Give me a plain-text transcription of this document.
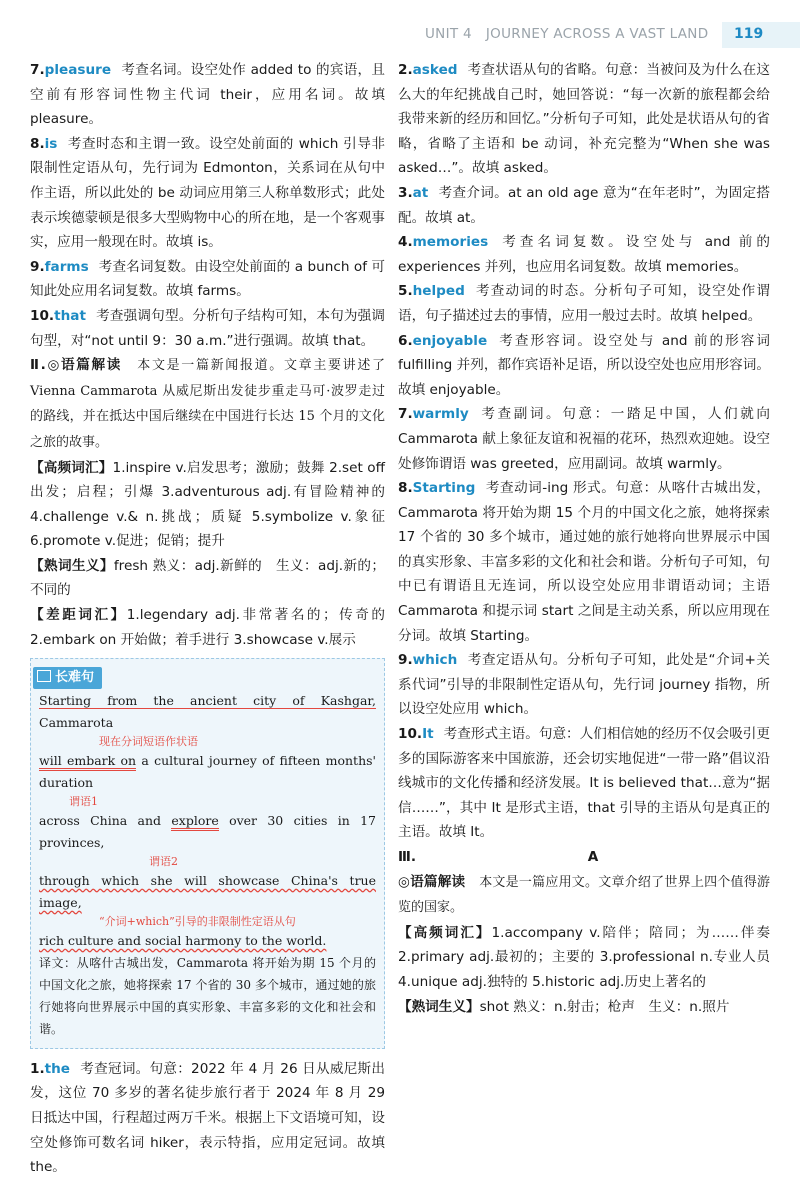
UNIT 4 JOURNEY ACROSS A VAST LAND 119

7.pleasure 考查名词。设空处作 added to 的宾语，且空前有形容词性物主代词 their，应用名词。故填 pleasure。

8.is 考查时态和主谓一致。设空处前面的 which 引导非限制性定语从句，先行词为 Edmonton，关系词在从句中作主语，所以此处的 be 动词应用第三人称单数形式；此处表示埃德蒙顿是很多大型购物中心的所在地，是一个客观事实，应用一般现在时。故填 is。

9.farms 考查名词复数。由设空处前面的 a bunch of 可知此处应用名词复数。故填 farms。

10.that 考查强调句型。分析句子结构可知，本句为强调句型，对“not until 9：30 a.m.”进行强调。故填 that。

Ⅱ.◎语篇解读　 本文是一篇新闻报道。文章主要讲述了 Vienna Cammarota 从威尼斯出发徒步重走马可·波罗走过的路线，并在抵达中国后继续在中国进行长达 15 个月的文化之旅的故事。

【高频词汇】1.inspire v.启发思考；激励；鼓舞 2.set off 出发；启程；引爆 3.adventurous adj.有冒险精神的 4.challenge v.& n.挑战；质疑 5.symbolize v.象征 6.promote v.促进；促销；提升

【熟词生义】fresh 熟义：adj.新鲜的　生义：adj.新的；不同的

【差距词汇】1.legendary adj.非常著名的；传奇的 2.embark on 开始做；着手进行 3.showcase v.展示

长难句
Starting from the ancient city of Kashgar,　Cammarota
现在分词短语作状语
will embark on a cultural journey of fifteen months' duration
谓语1
across China and explore over 30 cities in 17 provinces,
谓语2
through which she will showcase China's true image,
“介词+which”引导的非限制性定语从句
rich culture and social harmony to the world.
译文：从喀什古城出发，Cammarota 将开始为期 15 个月的中国文化之旅，她将探索 17 个省的 30 多个城市，通过她的旅行她将向世界展示中国的真实形象、丰富多彩的文化和社会和谐。

1.the 考查冠词。句意：2022 年 4 月 26 日从威尼斯出发，这位 70 多岁的著名徒步旅行者于 2024 年 8 月 29 日抵达中国，行程超过两万千米。根据上下文语境可知，设空处修饰可数名词 hiker，表示特指，应用定冠词。故填 the。

2.asked 考查状语从句的省略。句意：当被问及为什么在这么大的年纪挑战自己时，她回答说：“每一次新的旅程都会给我带来新的经历和回忆。”分析句子可知，此处是状语从句的省略，省略了主语和 be 动词，补充完整为“When she was asked…”。故填 asked。

3.at 考查介词。at an old age 意为“在年老时”，为固定搭配。故填 at。

4.memories 考查名词复数。设空处与 and 前的 experiences 并列，也应用名词复数。故填 memories。

5.helped 考查动词的时态。分析句子可知，设空处作谓语，句子描述过去的事情，应用一般过去时。故填 helped。

6.enjoyable 考查形容词。设空处与 and 前的形容词 fulfilling 并列，都作宾语补足语，所以设空处也应用形容词。故填 enjoyable。

7.warmly 考查副词。句意：一踏足中国，人们就向 Cammarota 献上象征友谊和祝福的花环，热烈欢迎她。设空处修饰谓语 was greeted，应用副词。故填 warmly。

8.Starting 考查动词-ing 形式。句意：从喀什古城出发，Cammarota 将开始为期 15 个月的中国文化之旅，她将探索 17 个省的 30 多个城市，通过她的旅行她将向世界展示中国的真实形象、丰富多彩的文化和社会和谐。分析句子可知，句中已有谓语且无连词，所以设空处应用非谓语动词；主语 Cammarota 和提示词 start 之间是主动关系，所以应用现在分词。故填 Starting。

9.which 考查定语从句。分析句子可知，此处是“介词+关系代词”引导的非限制性定语从句，先行词 journey 指物，所以设空处应用 which。

10.It 考查形式主语。句意：人们相信她的经历不仅会吸引更多的国际游客来中国旅游，还会切实地促进“一带一路”倡议沿线城市的文化传播和经济发展。It is believed that…意为“据信……”，其中 It 是形式主语，that 引导的主语从句是真正的主语。故填 It。

Ⅲ.	A

◎语篇解读　 本文是一篇应用文。文章介绍了世界上四个值得游览的国家。

【高频词汇】1.accompany v.陪伴；陪同；为……伴奏 2.primary adj.最初的；主要的 3.professional n.专业人员 4.unique adj.独特的 5.historic adj.历史上著名的

【熟词生义】shot 熟义：n.射击；枪声　生义：n.照片
